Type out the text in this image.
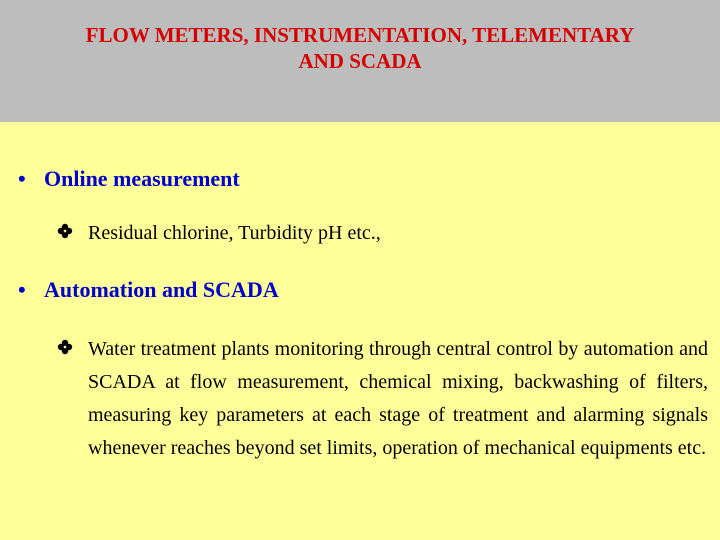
FLOW METERS, INSTRUMENTATION, TELEMENTARY
AND SCADA
• Online measurement
Residual chlorine, Turbidity pH etc.,
• Automation and SCADA
Water treatment plants monitoring through central control by automation and SCADA at flow measurement, chemical mixing, backwashing of filters, measuring key parameters at each stage of treatment and alarming signals whenever reaches beyond set limits, operation of mechanical equipments etc.
